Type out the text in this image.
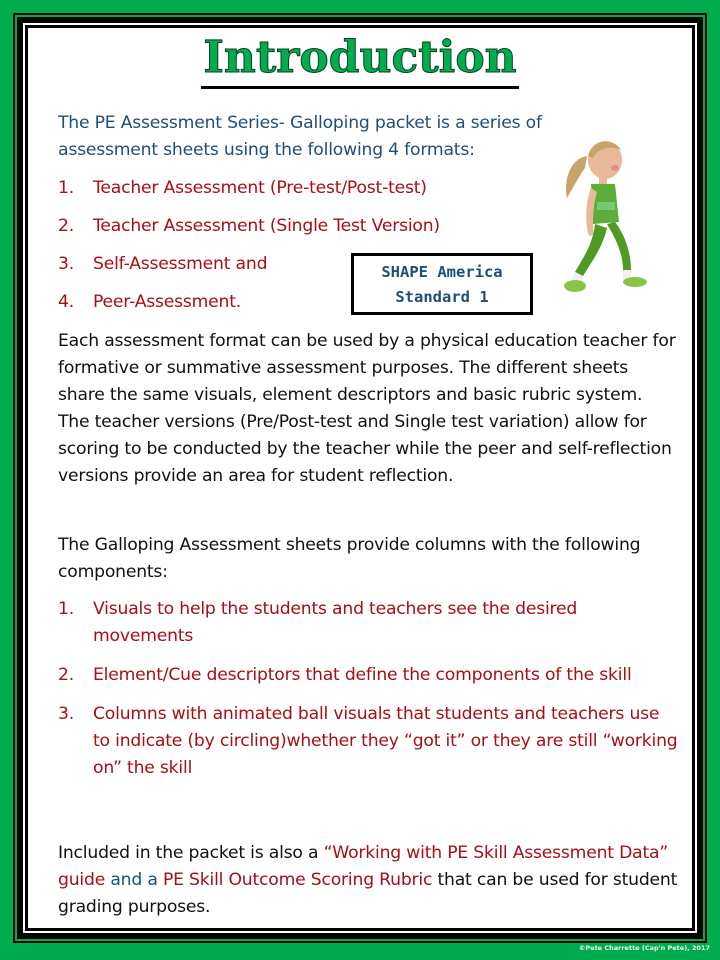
Introduction

The PE Assessment Series- Galloping packet is a series of assessment sheets using the following 4 formats:

1.	Teacher Assessment (Pre-test/Post-test)
2.	Teacher Assessment (Single Test Version)
3.	Self-Assessment and
4.	Peer-Assessment.
SHAPE America
Standard 1

Each assessment format can be used by a physical education teacher for formative or summative assessment purposes. The different sheets share the same visuals, element descriptors and basic rubric system. The teacher versions (Pre/Post-test and Single test variation) allow for scoring to be conducted by the teacher while the peer and self-reflection versions provide an area for student reflection.

The Galloping Assessment sheets provide columns with the following components:

1.	Visuals to help the students and teachers see the desired movements
2.	Element/Cue descriptors that define the components of the skill
3.	Columns with animated ball visuals that students and teachers use to indicate (by circling)whether they “got it” or they are still “working on” the skill

Included in the packet is also a “Working with PE Skill Assessment Data” guide and a PE Skill Outcome Scoring Rubric that can be used for student grading purposes.

©Pete Charrette (Cap'n Pete), 2017
